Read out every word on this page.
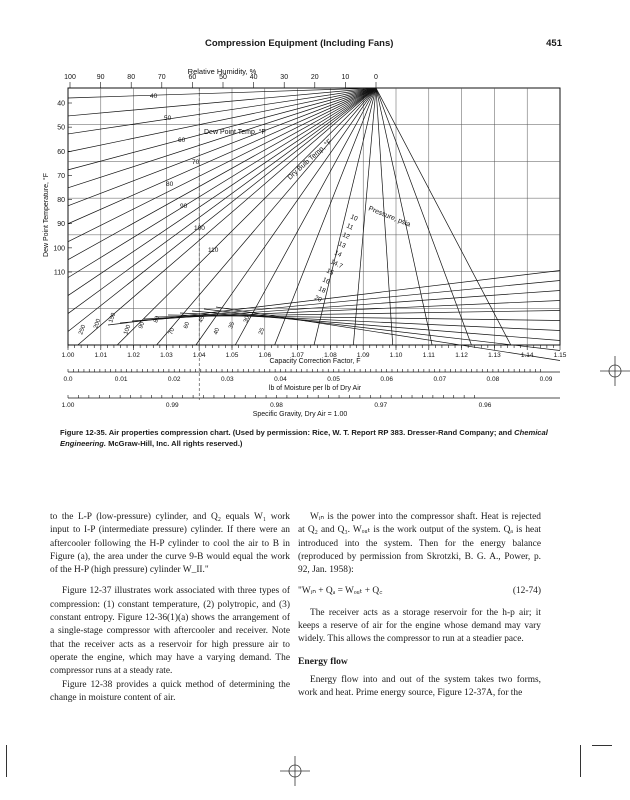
Compression Equipment (Including Fans)	451
100	90	80	70	60	50	40	30	20	10	0
Relative Humidity, %
40
50
60
70
80
90
100
110
Dew Point Temperature, °F	10
11
12
13
14
14.7
15
16
18
20
Pressure, psia
Dew Point Temp, °F
Dry Bulb Temp, °F
40
50
60
70
80
90
100
110
250
200
150
100 90
80
70
60
45
40
35
30
25
1.00	1.01	1.02	1.03	1.04	1.05	1.06	1.07	1.08	1.09	1.10	1.11	1.12	1.13	1.14	1.15
Capacity Correction Factor, F
0.0	0.01	0.02	0.03	0.04	0.05	0.06	0.07	0.08	0.09
lb of Moisture per lb of Dry Air
1.00	0.99	0.98	0.97	0.96
Specific Gravity, Dry Air = 1.00
Figure 12-35. Air properties compression chart. (Used by permission: Rice, W. T. Report RP 383. Dresser-Rand Company; and Chemical Engineering. McGraw-Hill, Inc. All rights reserved.)

to the L-P (low-pressure) cylinder, and Q₂ equals W₁ work input to I-P (intermediate pressure) cylinder. If there were an aftercooler following the H-P cylinder to cool the air to B in Figure (a), the area under the curve 9-B would equal the work of the H-P (high pressure) cylinder W_II."

Figure 12-37 illustrates work associated with three types of compression: (1) constant temperature, (2) polytropic, and (3) constant entropy. Figure 12-36(1)(a) shows the arrangement of a single-stage compressor with aftercooler and receiver. Note that the receiver acts as a reservoir for high pressure air to operate the engine, which may have a varying demand. The compressor runs at a steady rate.

Figure 12-38 provides a quick method of determining the change in moisture content of air.

Wᵢₙ is the power into the compressor shaft. Heat is rejected at Q₂ and Q₃. Wₒᵤₜ is the work output of the system. Qₐ is heat introduced into the system. Then for the energy balance (reproduced by permission from Skrotzki, B. G. A., Power, p. 92, Jan. 1958):

"Wᵢₙ + Qₐ = Wₒᵤₜ + Q꜀	(12-74)

The receiver acts as a storage reservoir for the h-p air; it keeps a reserve of air for the engine whose demand may vary widely. This allows the compressor to run at a steadier pace.

Energy flow

Energy flow into and out of the system takes two forms, work and heat. Prime energy source, Figure 12-37A, for the
